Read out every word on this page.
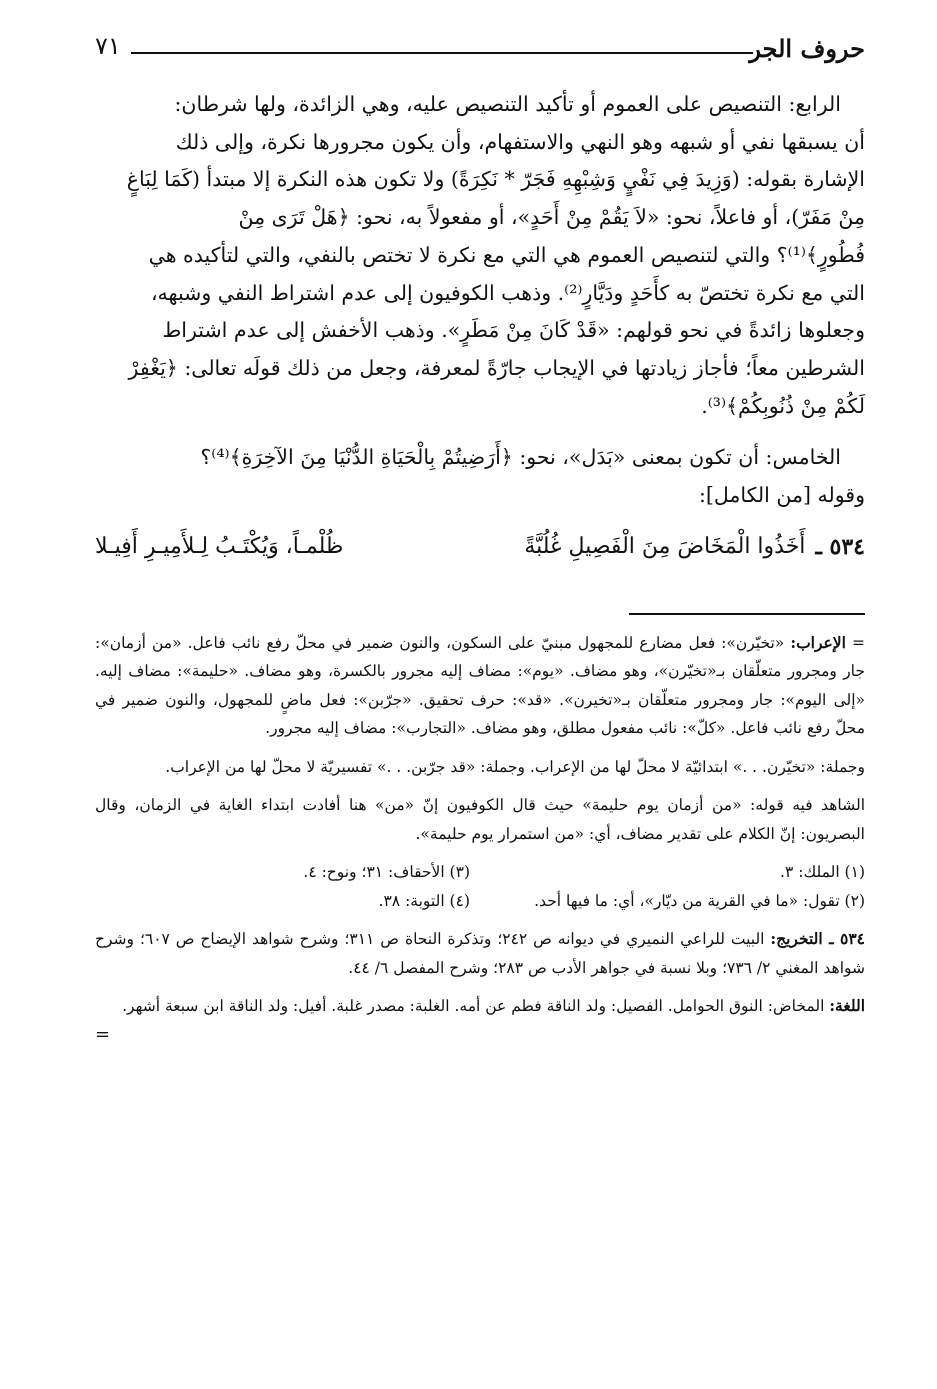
حروف الجر
٧١

الرابع: التنصيص على العموم أو تأكيد التنصيص عليه، وهي الزائدة، ولها شرطان:

أن يسبقها نفي أو شبهه وهو النهي والاستفهام، وأن يكون مجرورها نكرة، وإلى ذلك

الإشارة بقوله: (وَزِيدَ فِي نَفْيٍ وَشِبْهِهِ فَجَرّ * نَكِرَةً) ولا تكون هذه النكرة إلا مبتدأ (كَمَا لِبَاغٍ

مِنْ مَفَرّ)، أو فاعلاً، نحو: «لاَ يَقُمْ مِنْ أَحَدٍ»، أو مفعولاً به، نحو: ﴿هَلْ تَرَى مِنْ

فُطُورٍ﴾⁽¹⁾؟ والتي لتنصيص العموم هي التي مع نكرة لا تختص بالنفي، والتي لتأكيده هي

التي مع نكرة تختصّ به كأَحَدٍ ودَيَّارٍ⁽²⁾. وذهب الكوفيون إلى عدم اشتراط النفي وشبهه،

وجعلوها زائدةً في نحو قولهم: «قَدْ كَانَ مِنْ مَطَرٍ». وذهب الأخفش إلى عدم اشتراط

الشرطين معاً؛ فأجاز زيادتها في الإيجاب جارّةً لمعرفة، وجعل من ذلك قولَه تعالى: ﴿يَغْفِرْ

لَكُمْ مِنْ ذُنُوبِكُمْ﴾⁽³⁾.

الخامس: أن تكون بمعنى «بَدَل»، نحو: ﴿أَرَضِيتُمْ بِالْحَيَاةِ الدُّنْيَا مِنَ الآخِرَةِ﴾⁽⁴⁾؟

وقوله [من الكامل]:

٥٣٤ ـ
أَخَذُوا الْمَخَاضَ مِنَ الْفَصِيلِ غُلُبَّةً
ظُلْمـاً، وَيُكْتَـبُ لِـلأَمِيـرِ أَفِيـلا

= الإعراب: «تخيّرن»: فعل مضارع للمجهول مبنيّ على السكون، والنون ضمير في محلّ رفع نائب فاعل. «من أزمان»: جار ومجرور متعلّقان بـ«تخيّرن»، وهو مضاف. «يوم»: مضاف إليه مجرور بالكسرة، وهو مضاف. «حليمة»: مضاف إليه. «إلى اليوم»: جار ومجرور متعلّقان بـ«تخيرن». «قد»: حرف تحقيق. «جرّبن»: فعل ماضٍ للمجهول، والنون ضمير في محلّ رفع نائب فاعل. «كلّ»: نائب مفعول مطلق، وهو مضاف. «التجارب»: مضاف إليه مجرور.

وجملة: «تخيّرن. . .» ابتدائيّة لا محلّ لها من الإعراب. وجملة: «قد جرّبن. . .» تفسيريّة لا محلّ لها من الإعراب.

الشاهد فيه قوله: «من أزمان يوم حليمة» حيث قال الكوفيون إنّ «من» هنا أفادت ابتداء الغاية في الزمان، وقال البصريون: إنّ الكلام على تقدير مضاف، أي: «من استمرار يوم حليمة».

(١) الملك: ٣.
(٣) الأحقاف: ٣١؛ ونوح: ٤.
(٢) تقول: «ما في القرية من ديّار»، أي: ما فيها أحد.
(٤) التوبة: ٣٨.

٥٣٤ ـ التخريج: البيت للراعي النميري في ديوانه ص ٢٤٢؛ وتذكرة النحاة ص ٣١١؛ وشرح شواهد الإيضاح ص ٦٠٧؛ وشرح شواهد المغني ٢/ ٧٣٦؛ وبلا نسبة في جواهر الأدب ص ٢٨٣؛ وشرح المفصل ٦/ ٤٤.

اللغة: المخاض: النوق الحوامل. الفصيل: ولد الناقة فطم عن أمه. الغلبة: مصدر غلبة. أفيل: ولد الناقة ابن سبعة أشهر.

=
